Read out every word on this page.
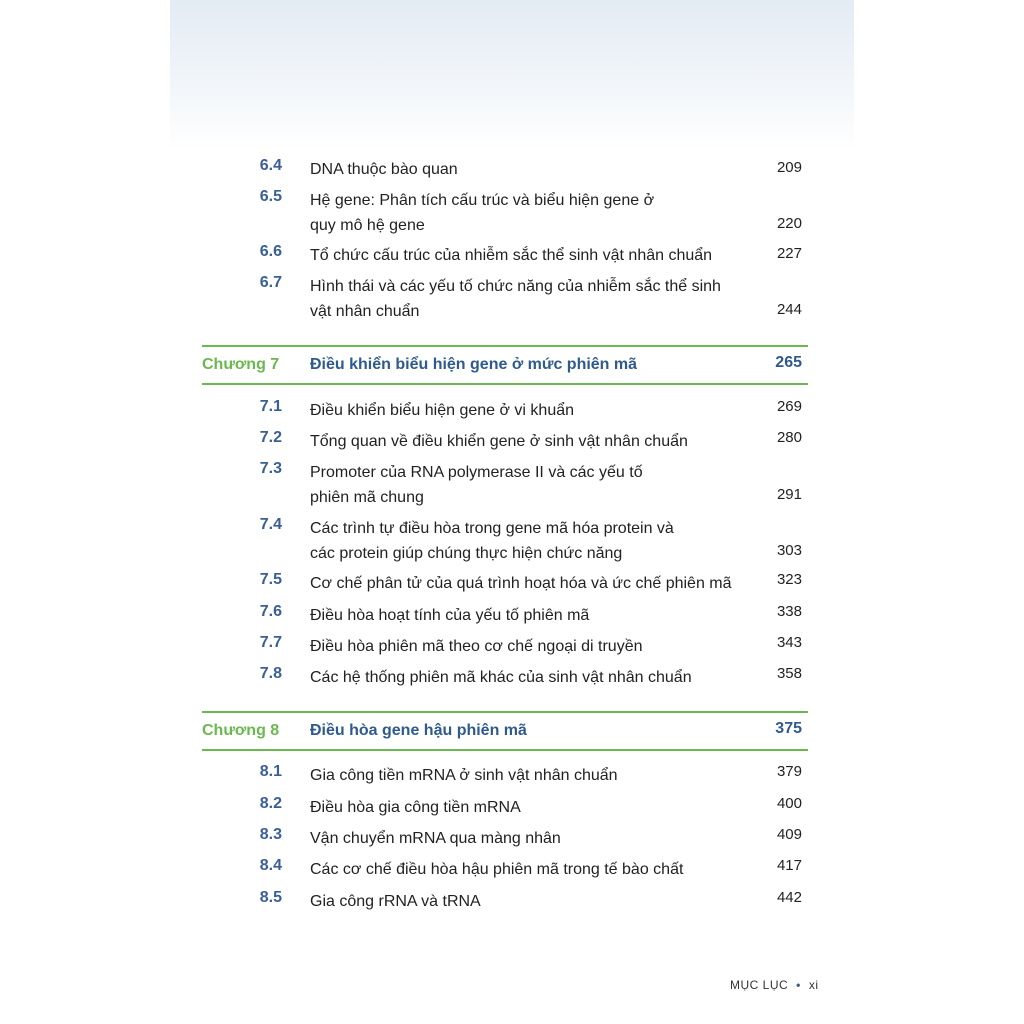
6.4 DNA thuộc bào quan	209
6.5 Hệ gene: Phân tích cấu trúc và biểu hiện gene ở quy mô hệ gene	220
6.6 Tổ chức cấu trúc của nhiễm sắc thể sinh vật nhân chuẩn	227
6.7 Hình thái và các yếu tố chức năng của nhiễm sắc thể sinh vật nhân chuẩn	244
Chương 7 Điều khiển biểu hiện gene ở mức phiên mã	265
7.1 Điều khiển biểu hiện gene ở vi khuẩn	269
7.2 Tổng quan về điều khiển gene ở sinh vật nhân chuẩn	280
7.3 Promoter của RNA polymerase II và các yếu tố phiên mã chung	291
7.4 Các trình tự điều hòa trong gene mã hóa protein và các protein giúp chúng thực hiện chức năng	303
7.5 Cơ chế phân tử của quá trình hoạt hóa và ức chế phiên mã	323
7.6 Điều hòa hoạt tính của yếu tố phiên mã	338
7.7 Điều hòa phiên mã theo cơ chế ngoại di truyền	343
7.8 Các hệ thống phiên mã khác của sinh vật nhân chuẩn	358
Chương 8 Điều hòa gene hậu phiên mã	375
8.1 Gia công tiền mRNA ở sinh vật nhân chuẩn	379
8.2 Điều hòa gia công tiền mRNA	400
8.3 Vận chuyển mRNA qua màng nhân	409
8.4 Các cơ chế điều hòa hậu phiên mã trong tế bào chất	417
8.5 Gia công rRNA và tRNA	442
MỤC LỤC • xi
